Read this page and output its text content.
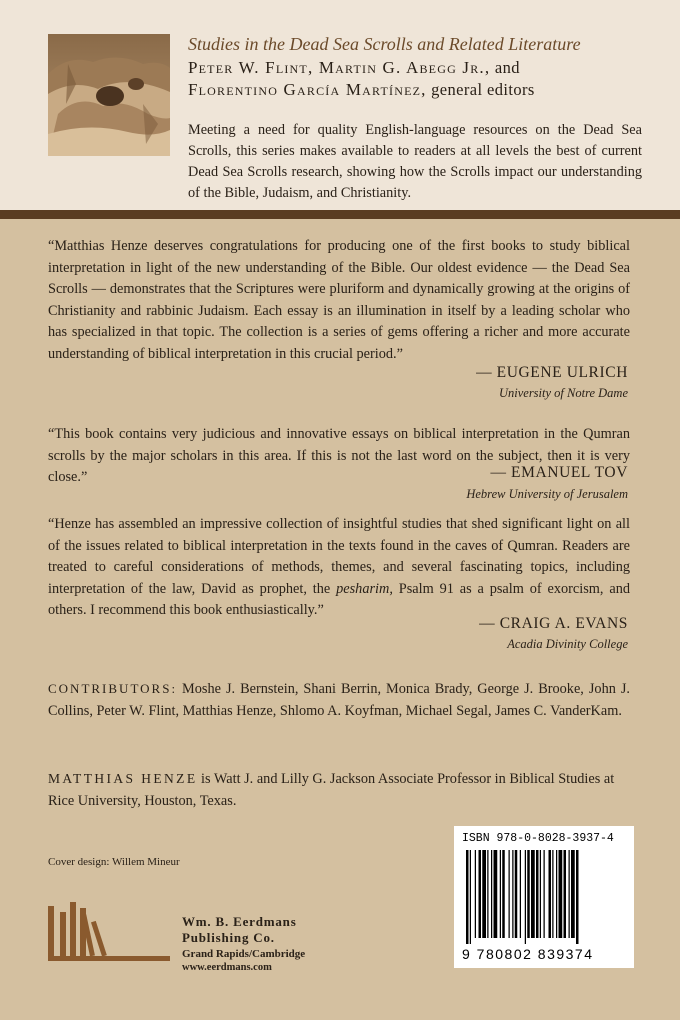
Studies in the Dead Sea Scrolls and Related Literature
Peter W. Flint, Martin G. Abegg Jr., and
Florentino García Martínez, general editors
Meeting a need for quality English-language resources on the Dead Sea Scrolls, this series makes available to readers at all levels the best of current Dead Sea Scrolls research, showing how the Scrolls impact our understanding of the Bible, Judaism, and Christianity.
“Matthias Henze deserves congratulations for producing one of the first books to study biblical interpretation in light of the new understanding of the Bible. Our oldest evidence — the Dead Sea Scrolls — demonstrates that the Scriptures were pluriform and dynamically growing at the origins of Christianity and rabbinic Judaism. Each essay is an illumination in itself by a leading scholar who has specialized in that topic. The collection is a series of gems offering a richer and more accurate understanding of biblical interpretation in this crucial period.”
— EUGENE ULRICH
University of Notre Dame
“This book contains very judicious and innovative essays on biblical interpretation in the Qumran scrolls by the major scholars in this area. If this is not the last word on the subject, then it is very close.”	— EMANUEL TOV
Hebrew University of Jerusalem
“Henze has assembled an impressive collection of insightful studies that shed significant light on all of the issues related to biblical interpretation in the texts found in the caves of Qumran. Readers are treated to careful considerations of methods, themes, and several fascinating topics, including interpretation of the law, David as prophet, the pesharim, Psalm 91 as a psalm of exorcism, and others. I recommend this book enthusiastically.”
— CRAIG A. EVANS
Acadia Divinity College
CONTRIBUTORS: Moshe J. Bernstein, Shani Berrin, Monica Brady, George J. Brooke, John J. Collins, Peter W. Flint, Matthias Henze, Shlomo A. Koyfman, Michael Segal, James C. VanderKam.
MATTHIAS HENZE is Watt J. and Lilly G. Jackson Associate Professor in Biblical Studies at Rice University, Houston, Texas.
Cover design: Willem Mineur
Wm. B. Eerdmans
Publishing Co.
Grand Rapids/Cambridge
www.eerdmans.com
ISBN 978-0-8028-3937-4
9 780802 839374
